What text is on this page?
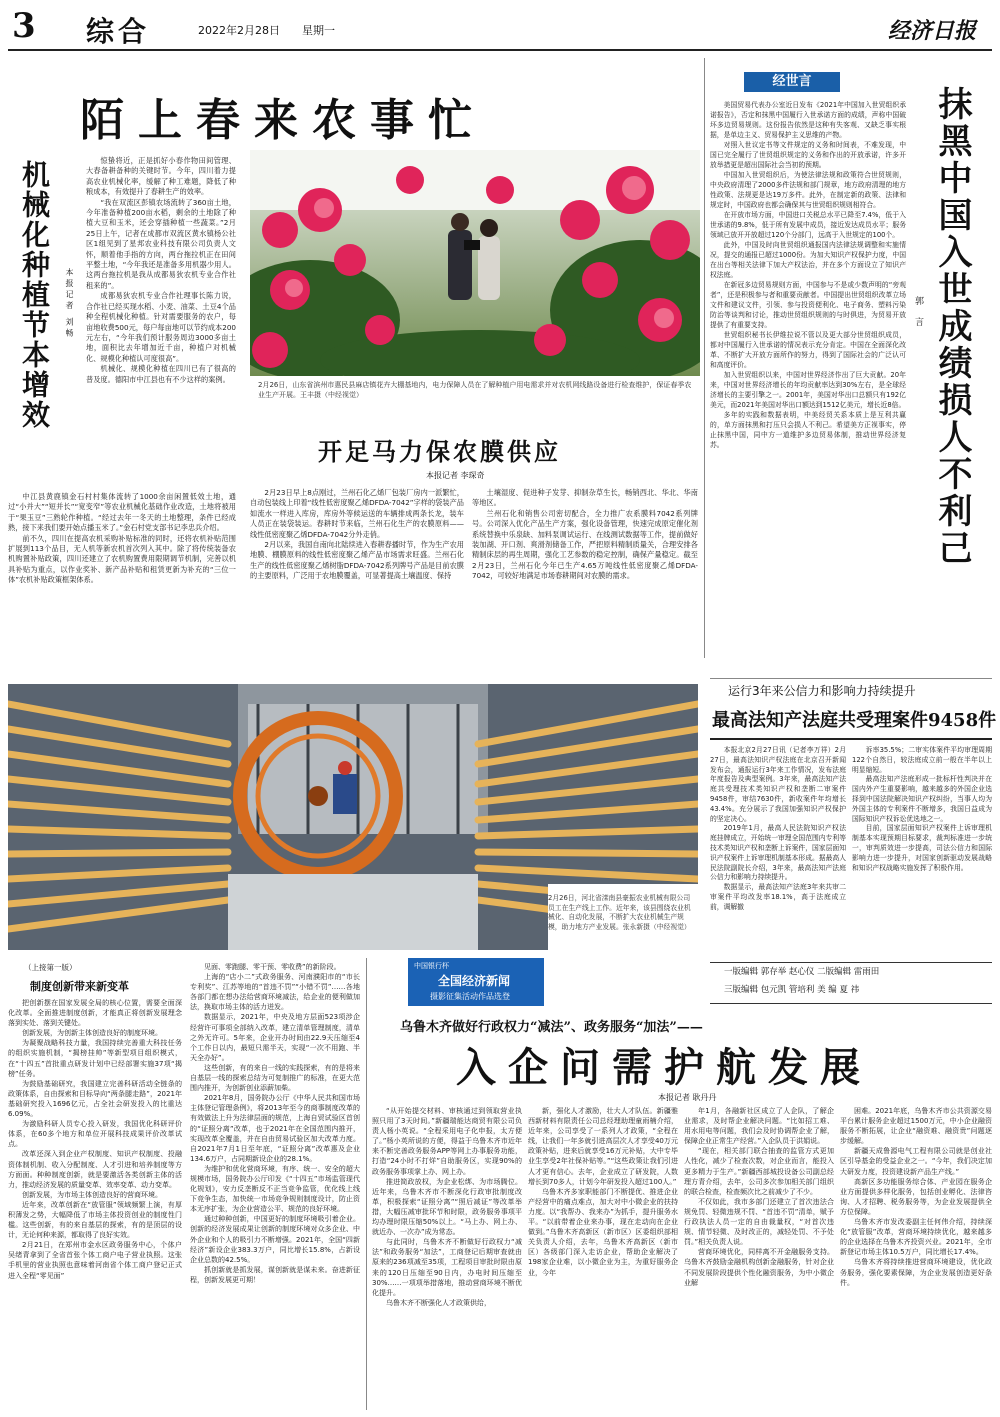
3 综合	2022年2月28日 星期一	经济日报
陌上春来农事忙
机械化种植节本增效 本报记者 刘畅

惊蛰将近，正是抓好小春作物田间管理、大春备耕备种的关键时节。今年，四川着力提高农业机械化率，缓解了种工难题，降低了种粮成本，有效提升了春耕生产的效率。

“我在双流区彭镇农场流转了360亩土地，今年准备种植200亩水稻，剩余的土地除了种植大豆和玉米，还会穿插种植一些蔬菜。”2月25日上午，记者在成都市双流区黄水镇杨公社区1组见到了星邦农业科技有限公司负责人文怀，顺着他手指的方向，两台拖拉机正在田间平整土地，“今年我还是准备多用机器少用人。这两台拖拉机是我从成都易狄农机专业合作社租来的”。

成都易狄农机专业合作社理事长陈力说，合作社已经买现水稻、小麦、油菜、土豆4个品种全程机械化种植。针对需要服务的农户，每亩地收费500元，每户每亩地可以节约成本200元左右，“今年我们预计服务周边3000多亩土地，面积比去年增加近千亩，种植户对机械化、规模化种植认可度很高”。

机械化、规模化种植在四川已有了很高的普及度。德阳市中江县也有不少这样的案例。

中江县黄鹿镇金石村村集体流转了1000余亩闲置低效土地，通过“小并大”“短并长”“宽变窄”等农业机械化基础作业改造，土地将被用于“果玉豆”三熟轮作种植。“经过去年一冬天的土地整理，条件已经成熟，接下来我们要开始点播玉米了。”金石村党支部书记李忠兵介绍。

前不久，四川在提高农机采购补贴标准的同时，还将农机补贴范围扩展到113个品目，无人机等新农机首次列入其中。除了将传统装备农机购置补贴政策，四川还建立了农机购置费用限期调节机制，完善以机具补贴为重点，以作业奖补、新产品补贴和租赁更新为补充的“三位一体”农机补贴政策框架体系。

2月26日，山东省滨州市惠民县麻店镇花卉大棚基地内，电力保障人员在了解种植户用电需求并对农机网线路设备进行检查维护，保证春季农业生产开展。王丰摄（中经视觉）
开足马力保农膜供应
本报记者 李琛奇

2月23日早上8点刚过，兰州石化乙烯厂包装厂房内一派繁忙，自动包装线上印着“线性低密度聚乙烯DFDA-7042”字样的袋装产品如流水一样进入库房，库房外等候运送的车辆排成两条长龙，装车人员正在装袋装运。春耕时节来临，兰州石化生产的农膜原料——线性低密度聚乙烯DFDA-7042分外走俏。

2月以来，我国自南向北陆续进入春耕春播时节，作为生产农用地膜、棚膜原料的线性低密度聚乙烯产品市场需求旺盛。兰州石化生产的线性低密度聚乙烯树脂DFDA-7042系列牌号产品是目前农膜的主要原料，广泛用于农地膜覆盖，可显著提高土壤温度、保持

土壤湿度、促进种子发芽、抑制杂草生长，畅销西北、华北、华南等地区。

兰州石化和销售公司密切配合，全力推广农系膜料7042系列牌号。公司深入优化产品生产方案，强化设备管理，快速完成原定催化剂系统替换中乐泉缺、加料泵调试运行、在线测试数据等工作，提前做好装加湖、开口剂、爽滑剂储备工作，严把原料精制质量关，合理安排各精制床层的再生周期，强化工艺参数的稳定控制，确保产量稳定。截至2月23日，兰州石化今年已生产4.65万吨线性低密度聚乙烯DFDA-7042，可较好地满足市场春耕期间对农膜的需求。

经世言

美国贸易代表办公室近日发布《2021年中国加入世贸组织承诺报告》，否定和抹黑中国履行入世承诺方面的成绩，声称中国破坏多边贸易规则。这份报告依然是这种有失客观、又缺乏事实根据，是单边主义、贸易保护主义思维的产物。

对照入世议定书等文件规定的义务和时间表，不难发现，中国已完全履行了世贸组织规定的义务和作出的开放承诺，许多开放举措更是超出国际社会当初的预期。

中国加入世贸组织后，为使法律法规和政策符合世贸规则，中央政府清理了2000多件法规和部门规章，地方政府清理的地方性政策、法规更是达19万多件。此外，在制定新的政策、法律和规定时，中国政府也都会确保其与世贸组织规则相符合。

在开放市场方面，中国进口关税总水平已降至7.4%，低于入世承诺的9.8%，低于所有发展中成员，接近发达成员水平；服务领域已放开开放超过120个分部门，远高于入世规定的100个。

此外，中国及时向世贸组织通报国内法律法规调整和实施情况，提交的通报已超过1000份。为加大知识产权保护力度，中国在出台等相关法律下加大产权法治，并在多个方面设立了知识产权法庭。

在新冠多边贸易规则方面，中国参与不是或少数声明的“旁观者”，还是积极参与者和重要贡献者。中国提出世贸组织改革立场文件和建议文件，引领、参与投资便利化、电子商务、塑料污染防治等谈判和讨论，推动世贸组织规则的与时俱进，为贸易开放提供了有重要支持。

世贸组织秘书长伊维拉说不管以及更大部分世贸组织成员，都对中国履行入世承诺的情况表示充分肯定。中国在全面深化改革、不断扩大开放方面所作的努力，得到了国际社会的广泛认可和高度评价。

加入世贸组织以来，中国对世界经济作出了巨大贡献。20年来，中国对世界经济增长的年均贡献率达到30%左右，是全球经济增长的主要引擎之一。2001年，美国对华出口总额只有192亿美元，而2021年美国对华出口额达到1512亿美元，增长近8倍。

多年的实践和数据表明，中美经贸关系本质上是互利共赢的，单方面抹黑和打压只会损人不利己。希望美方正视事实，停止抹黑中国，同中方一道维护多边贸易体制，推动世界经济复苏。

郭言 抹黑中国入世成绩损人不利己
2月26日，河北省滦南县豪振农业机械有限公司员工在生产线上工作。近年来，该县围绕农业机械化、自动化发展，不断扩大农业机械生产规模，助力地方产业发展。张永新摄（中经视觉）
运行3年来公信力和影响力持续提升
最高法知产法庭共受理案件9458件

本报北京2月27日讯（记者李万祥）2月27日，最高法知识产权法庭在北京召开新闻发布会，通报运行3年来工作情况，发布法庭年度报告及典型案例。3年来，最高法知产法庭共受理技术类知识产权和垄断二审案件9458件，审结7630件，新收案件年均增长43.4%。充分展示了我国加强知识产权保护的坚定决心。

2019年1月，最高人民法院知识产权法庭挂牌成立，开始统一审理全国范围内专利等技术类知识产权和垄断上诉案件，国家层面知识产权案件上诉审理机制基本形成。据最高人民法院副院长介绍，3年来，最高法知产法庭公信力和影响力持续提升。

数据显示，最高法知产法庭3年来共审二审案件平均改发率18.1%，高于法庭成立前，调解撤

诉率35.5%；二审实体案件平均审理周期122个自然日，较法庭成立前一般在半年以上明显缩短。

最高法知产法庭形成一批标杆性判决并在国内外产生重要影响，越来越多的外国企业选择到中国法院解决知识产权纠纷，当事人均为外国主体的专利案件不断增多，我国日益成为国际知识产权诉讼优选地之一。

目前，国家层面知识产权案件上诉审理机制基本实现预期目标要求，裁判标准进一步统一，审判质效进一步提高，司法公信力和国际影响力进一步提升，对国家创新驱动发展战略和知识产权战略实施发挥了积极作用。

一版编辑 郭存举 赵心仪 二版编辑 雷雨田
三版编辑 包元凯 管培利 美 编 夏 祎
中国银行杯
全国经济新闻
摄影征集活动作品选登
（上接第一版）
制度创新带来新变革

把创新摆在国家发展全局的核心位置，需要全面深化改革。全面推进制度创新，才能真正将创新发展理念落到实处、落到关键处。

创新发展，为创新主体创造良好的制度环境。

为凝聚战略科技力量，我国持续完善重大科技任务的组织实施机制，“揭榜挂帅”等新型项目组织模式，在“十四五”首批重点研发计划中已经部署实施37项“揭榜”任务。

为鼓励基础研究，我国建立完善科研活动全链条的政策体系，自由探索和目标导向“两条腿走路”，2021年基础研究投入1696亿元，占全社会研发投入的比重达6.09%。

为激励科研人员专心投入研发，我国优化科研评价体系，在60多个地方和单位开展科技成果评价改革试点。

改革还深入到企业产权制度、知识产权制度、投融资体制机制、收入分配制度、人才引进和培养制度等方方面面。种种制度创新，就是要激活各类创新主体的活力，推动经济发展的质量变革、效率变革、动力变革。

创新发展，为市场主体创造良好的营商环境。

近年来，改革创新在“放管服”领域频繁上演，有厚积薄发之势，大幅降低了市场主体投资创业的制度性门槛。这些创新，有的来自基层的探索，有的是顶层的设计，无论何种来源，都取得了良好实效。

2月21日，在郑州市金水区政务服务中心，个体户吴绪青拿到了全省首张个体工商户电子营业执照。这张手机里的营业执照也意味着河南省个体工商户登记正式进入全程“零见面”

见面、零跑腿、零干预、零收费”的新阶段。

上海的“店小二”式政务服务、河南濮阳市的“市长专利奖”、江苏等地的“首违不罚”“小错不罚”……各地各部门都在想办法给营商环境减法，给企业的便利做加法，换取市场主体的活力迸发。

数据显示，2021年，中央及地方层面523项涉企经营许可事项全部纳入改革，建立清单管理制度，清单之外无许可。5年来，企业开办时间由22.9天压缩至4个工作日以内，最短只需半天，实现“一次不用跑、半天全办好”。

这些创新，有的来自一线的实践探索，有的是将来自基层一线的探索总结为可复制推广的标准，在更大范围内推开，为创新创业添薪加柴。

2021年8月，国务院办公厅《中华人民共和国市场主体登记管理条例》，将2013年至今的商事制度改革的有效做法上升为法律层面的规范，上海自贸试验区首创的“证照分离”改革，也于2021年在全国范围内推开，实现改革全覆盖，并在自由贸易试验区加大改革力度。自2021年7月1日至年底，“证照分离”改革惠及企业134.6万户，占同期新设企业的28.1%。

为维护和优化营商环境，有序、统一、安全的超大规模市场，国务院办公厅印发《“十四五”市场监管现代化规划》，安力反垄断反不正当竞争监管，优化线上线下竞争生态，加快统一市场竞争规则制度设计，防止资本无序扩张，为企业营造公平、规范的良好环境。

通过种种创新，中国更好的制度环境吸引着企业。创新的经济发展成果让创新的制度环境对众多企业、中外企业和个人的吸引力不断增强。2021年，全国“四新经济”新设企业383.3万户，同比增长15.8%，占新设企业总数的42.5%。

抓创新就是抓发展，谋创新就是谋未来。奋进新征程，创新发展更可期！

乌鲁木齐做好行政权力“减法”、政务服务“加法”——
入企问需护航发展
本报记者 耿丹丹

“从开始提交材料、审核通过到领取营业执照只用了3天时间。”新疆瑞能达商贸有限公司负责人杨小英说。“全程采用电子化申报，太方便了。”杨小英所说的方便，得益于乌鲁木齐市近年来不断完善政务服务APP等网上办事服务功能，打造“24小时不打烊”自助服务区，实现90%的政务服务事项掌上办、网上办。

推进简政放权，为企业松绑、为市场腾位。近年来，乌鲁木齐市不断深化行政审批制度改革，积极探索“证照分离”“照后减证”等改革举措，大幅压减审批环节和时限，政务服务事项平均办理时限压缩50%以上。“马上办、网上办、就近办、一次办”成为常态。

与此同时，乌鲁木齐不断做好行政权力“减法”和政务服务“加法”，工商登记后期审查就由原来的236项减至35项，工程项目审批时限由原来的120日压缩至90日内，办电时间压缩至30%……一项项举措落地，推动营商环境不断优化提升。

乌鲁木齐不断强化人才政策供给，

新，强化人才激励，壮大人才队伍。新疆雅西新材料有限责任公司总经理助理童雨楠介绍，近年来，公司享受了一系列人才政策，“全程在线，让我们一年多就引进高层次人才享受40万元政策补贴，进来后就享受16万元补贴，大中专毕业生享受2年社保补贴等。”“这些政策让我们引进人才更有信心。去年，企业成立了研发院，人数增长到70多人，计划今年研发投入超过100人。”

乌鲁木齐多家职能部门不断提优、推进企业产经营中的痛点难点，加大对中小微企业的扶持力度。以“我帮办、我来办”为抓手，提升服务水平。“以前带着企业来办事，现在走动向在企业做到。”乌鲁木齐高新区（新市区）区委组织部相关负责人介绍，去年，乌鲁木齐高新区（新市区）各级部门深入走访企业，帮助企业解决了198家企业难，以小微企业为主，为重好服务企业，今年

年1月，各融新社区成立了人企队，了解企业需求，及时帮企业解决问题。“比如招工难、用水用电等问题，我们会及时协调帮企业了解，保障企业正常生产经营。”入企队员于洪娟说。

“现在，相关部门联合抽查的监管方式更加人性化，减少了检查次数，对企业而言，能投入更多精力于生产。”新疆西部城投设备公司副总经理方青介绍，去年，公司多次参加相关部门组织的联合检查，检查频次比之前减少了不少。

不仅如此，我市多部门还建立了首次违法合规免罚、轻微违规不罚、“首违不罚”清单，赋予行政执法人员一定的自由裁量权，“对首次违规、情节轻微、及时改正的，减轻处罚、不予处罚。”相关负责人说。

营商环境优化，同样离不开金融服务支持。乌鲁木齐鼓励金融机构创新金融服务，针对企业不同发展阶段提供个性化融资服务，为中小微企业解

困难。2021年底，乌鲁木齐市公共资源交易平台累计服务企业超过1500万元，中小企业融资服务不断拓展，让企业“融资难、融资贵”问题逐步缓解。

新疆天成鲁源电气工程有限公司就是创业社区引导基金的受益企业之一。“今年，我们决定加大研发力度，投资建设新产品生产线。”

高新区多功能服务综合体、产业园在服务企业方面提供多样化服务，包括创业孵化、法律咨询、人才招聘、税务服务等，为企业发展提供全方位保障。

乌鲁木齐市发改委副主任何伟介绍，持续深化“放管服”改革，营商环境持续优化，越来越多的企业选择在乌鲁木齐投资兴业。2021年，全市新登记市场主体10.5万户，同比增长17.4%。

乌鲁木齐将持续推进营商环境建设，优化政务服务，强化要素保障，为企业发展创造更好条件。
